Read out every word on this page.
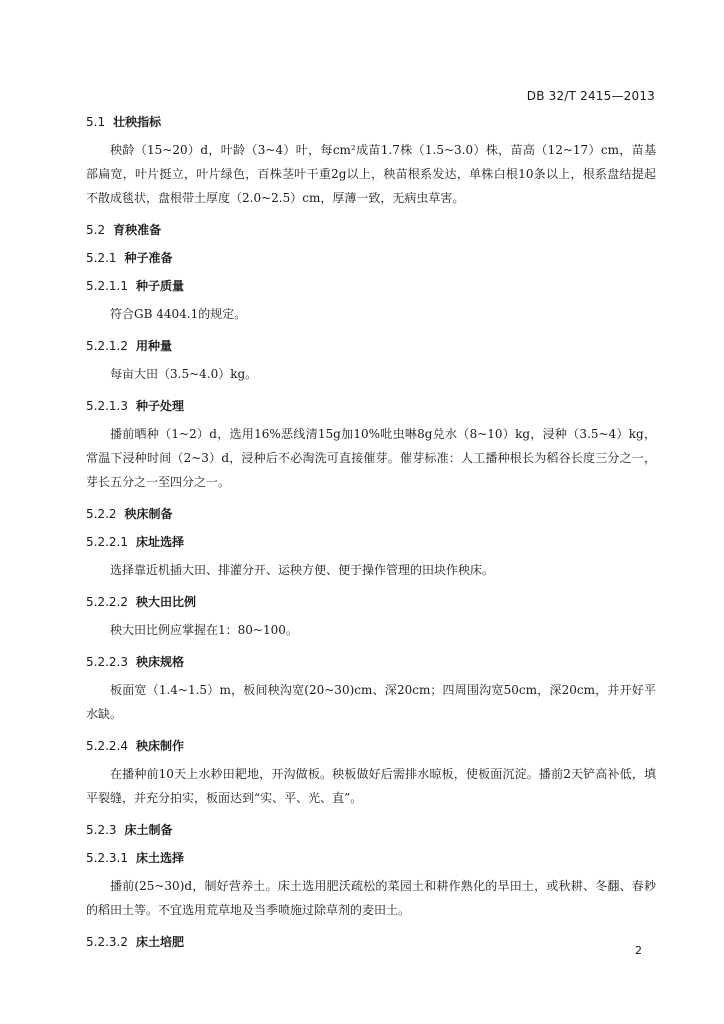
DB 32/T 2415—2013
5.1 壮秧指标

秧龄（15~20）d，叶龄（3~4）叶，每cm²成苗1.7株（1.5~3.0）株，苗高（12~17）cm，苗基部扁宽，叶片挺立，叶片绿色，百株茎叶干重2g以上，秧苗根系发达，单株白根10条以上，根系盘结提起不散成毯状，盘根带土厚度（2.0~2.5）cm，厚薄一致，无病虫草害。

5.2 育秧准备
5.2.1 种子准备
5.2.1.1 种子质量

符合GB 4404.1的规定。

5.2.1.2 用种量

每亩大田（3.5~4.0）kg。

5.2.1.3 种子处理

播前晒种（1~2）d，选用16%恶线清15g加10%吡虫啉8g兑水（8~10）kg，浸种（3.5~4）kg，常温下浸种时间（2~3）d，浸种后不必淘洗可直接催芽。催芽标准：人工播种根长为稻谷长度三分之一，芽长五分之一至四分之一。

5.2.2 秧床制备
5.2.2.1 床址选择

选择靠近机插大田、排灌分开、运秧方便、便于操作管理的田块作秧床。

5.2.2.2 秧大田比例

秧大田比例应掌握在1：80~100。

5.2.2.3 秧床规格

板面宽（1.4~1.5）m，板间秧沟宽(20~30)cm、深20cm；四周围沟宽50cm，深20cm，并开好平水缺。

5.2.2.4 秧床制作

在播种前10天上水耖田耙地，开沟做板。秧板做好后需排水晾板，使板面沉淀。播前2天铲高补低，填平裂缝，并充分拍实，板面达到“实、平、光、直”。

5.2.3 床土制备
5.2.3.1 床土选择

播前(25~30)d，制好营养土。床土选用肥沃疏松的菜园土和耕作熟化的旱田土，或秋耕、冬翻、春耖的稻田土等。不宜选用荒草地及当季喷施过除草剂的麦田土。

5.2.3.2 床土培肥
2
